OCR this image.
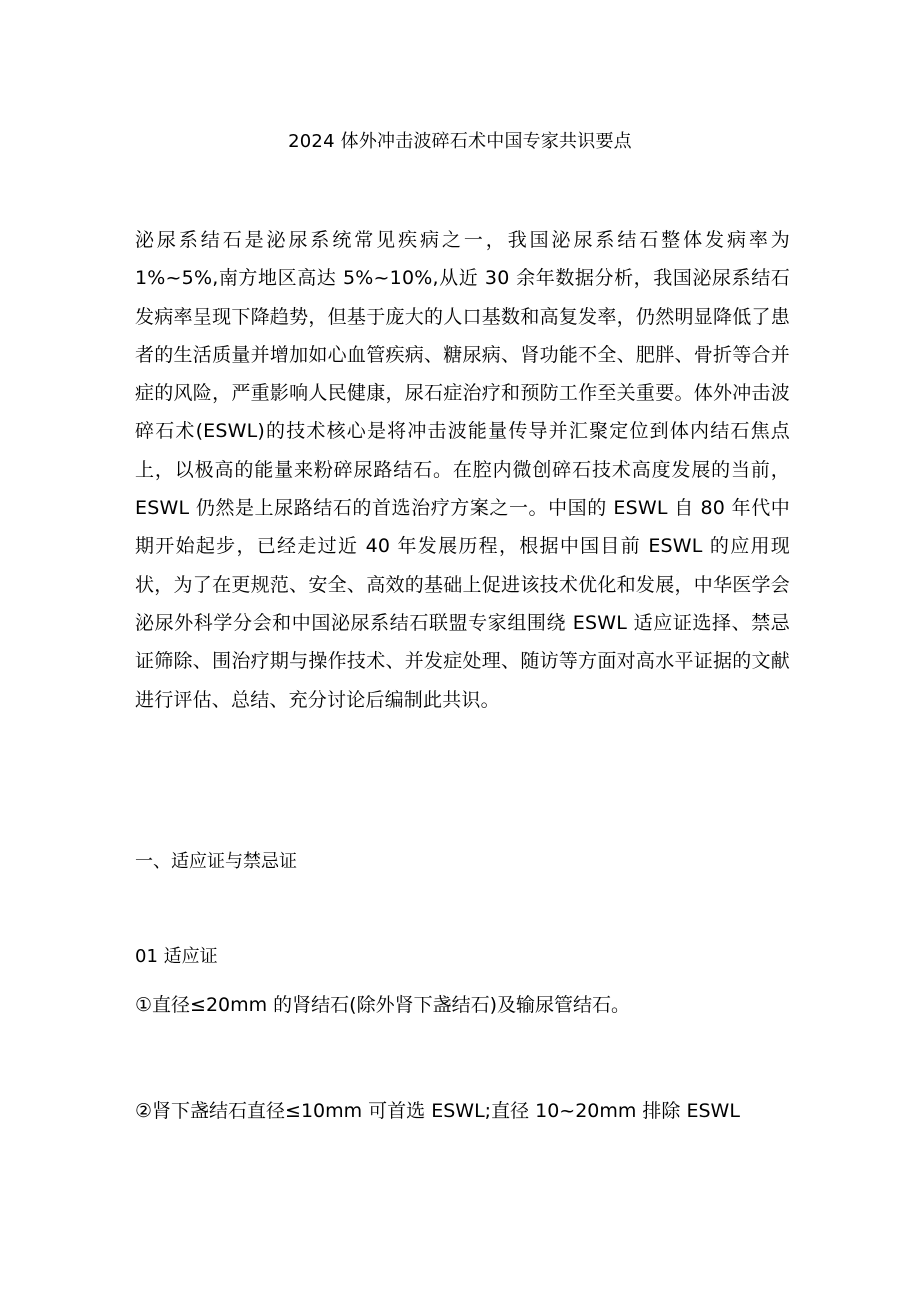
2024 体外冲击波碎石术中国专家共识要点

泌尿系结石是泌尿系统常见疾病之一，我国泌尿系结石整体发病率为 1%~5%,南方地区高达 5%~10%,从近 30 余年数据分析，我国泌尿系结石发病率呈现下降趋势，但基于庞大的人口基数和高复发率，仍然明显降低了患者的生活质量并增加如心血管疾病、糖尿病、肾功能不全、肥胖、骨折等合并症的风险，严重影响人民健康，尿石症治疗和预防工作至关重要。体外冲击波碎石术(ESWL)的技术核心是将冲击波能量传导并汇聚定位到体内结石焦点上，以极高的能量来粉碎尿路结石。在腔内微创碎石技术高度发展的当前，ESWL 仍然是上尿路结石的首选治疗方案之一。中国的 ESWL 自 80 年代中期开始起步，已经走过近 40 年发展历程，根据中国目前 ESWL 的应用现状，为了在更规范、安全、高效的基础上促进该技术优化和发展，中华医学会泌尿外科学分会和中国泌尿系结石联盟专家组围绕 ESWL 适应证选择、禁忌证筛除、围治疗期与操作技术、并发症处理、随访等方面对高水平证据的文献进行评估、总结、充分讨论后编制此共识。

一、适应证与禁忌证

01 适应证

①直径≤20mm 的肾结石(除外肾下盏结石)及输尿管结石。

②肾下盏结石直径≤10mm 可首选 ESWL;直径 10~20mm 排除 ESWL
